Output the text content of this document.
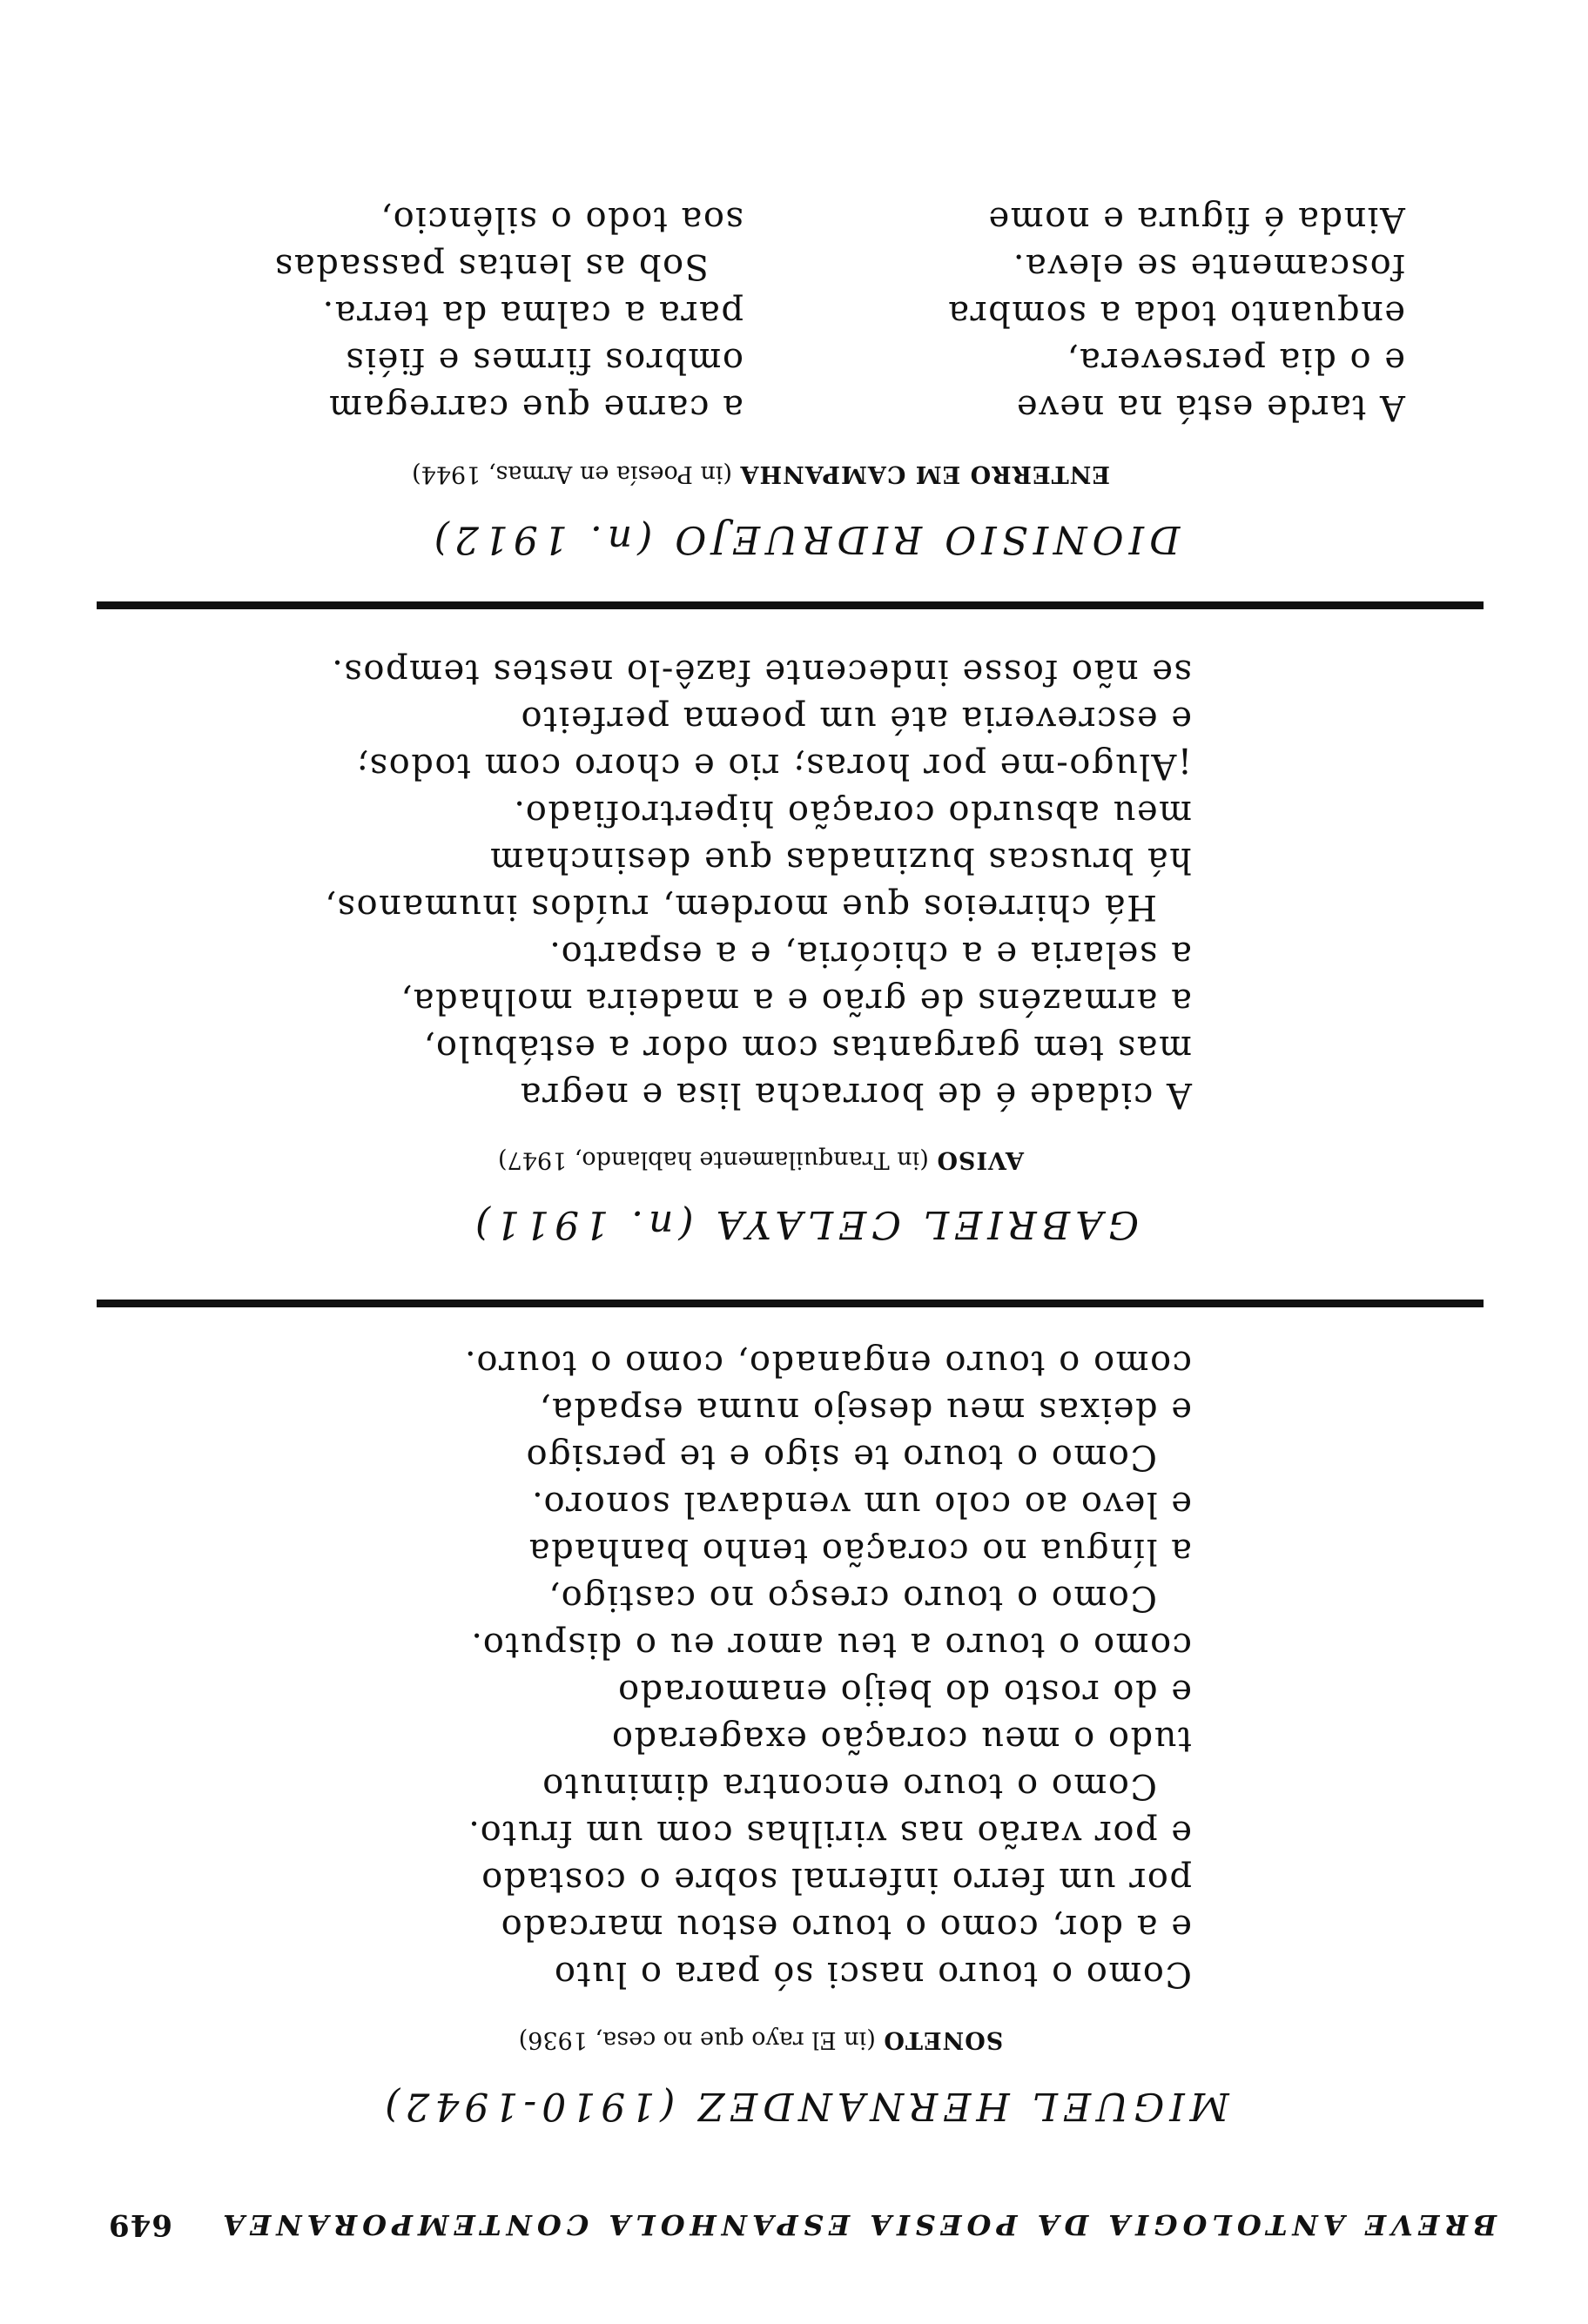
BREVE ANTOLOGIA DA POESIA ESPANHOLA CONTEMPORANEA
649
MIGUEL HERNANDEZ (1910-1942)
SONETO (in El rayo que no cesa, 1936)
Como o touro nasci só para o luto
e a dor, como o touro estou marcado
por um ferro infernal sobre o costado
e por varão nas virilhas com um fruto.
Como o touro encontra diminuto
tudo o meu coração exagerado
e do rosto do beijo enamorado
como o touro a teu amor eu o disputo.
Como o touro cresço no castigo,
a língua no coração tenho banhada
e levo ao colo um vendaval sonoro.
Como o touro te sigo e te persigo
e deixas meu desejo numa espada,
como o touro enganado, como o touro.
GABRIEL CELAYA (n. 1911)
AVISO (in Tranquilamente hablando, 1947)
A cidade é de borracha lisa e negra
mas tem gargantas com odor a estábulo,
a armazéns de grão e a madeira molhada,
a selaria e a chicória, e a esparto.
Há chirreios que mordem, ruídos inumanos,
há bruscas buzinadas que desincham
meu absurdo coração hipertrofiado.
¡Alugo-me por horas; rio e choro com todos;
e escreveria até um poema perfeito
se não fosse indecente fazê-lo nestes tempos.
DIONISIO RIDRUEJO (n. 1912)
ENTERRO EM CAMPANHA (in Poesía en Armas, 1944)
A tarde está na neve
e o dia persevera,
enquanto toda a sombra
foscamente se eleva.
Ainda é figura e nome
a carne que carregam
ombros firmes e fiéis
para a calma da terra.
Sob as lentas passadas
soa todo o silêncio,
